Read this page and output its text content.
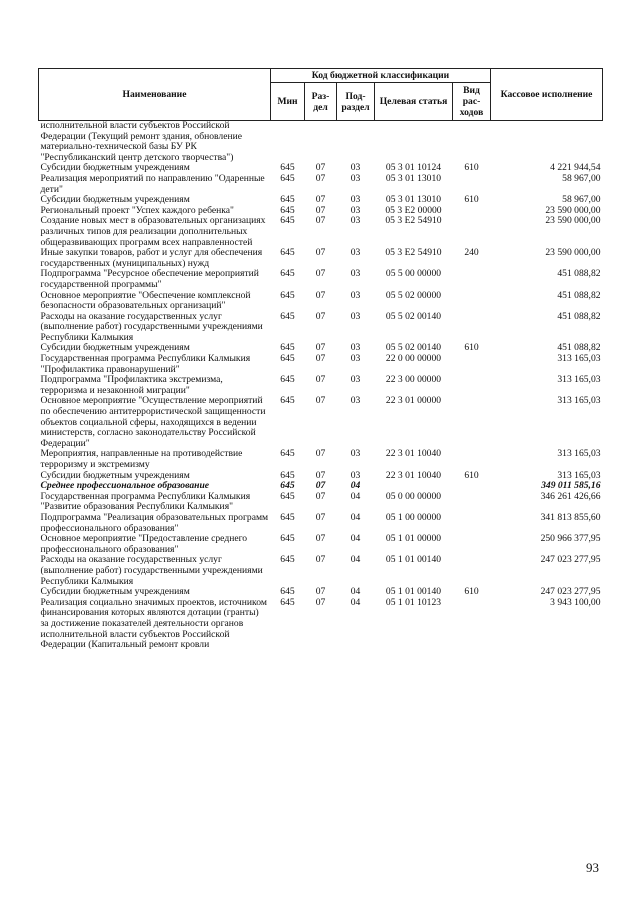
Наименование	Код бюджетной классификации					Кассовое исполнение
	Мин	Раз-дел	Под-раздел	Целевая статья	Вид рас-ходов	
исполнительной власти субъектов Российской Федерации (Текущий ремонт здания, обновление материально-технической базы БУ РК "Республиканский центр детского творчества")						
Субсидии бюджетным учреждениям	645	07	03	05 3 01 10124	610	4 221 944,54
Реализация мероприятий по направлению "Одаренные дети"	645	07	03	05 3 01 13010		58 967,00
Субсидии бюджетным учреждениям	645	07	03	05 3 01 13010	610	58 967,00
Региональный проект "Успех каждого ребенка"	645	07	03	05 3 E2 00000		23 590 000,00
Создание новых мест в образовательных организациях различных типов для реализации дополнительных общеразвивающих программ всех направленностей	645	07	03	05 3 E2 54910		23 590 000,00
Иные закупки товаров, работ и услуг для обеспечения государственных (муниципальных) нужд	645	07	03	05 3 E2 54910	240	23 590 000,00
Подпрограмма "Ресурсное обеспечение мероприятий государственной программы"	645	07	03	05 5 00 00000		451 088,82
Основное мероприятие "Обеспечение комплексной безопасности образовательных организаций"	645	07	03	05 5 02 00000		451 088,82
Расходы на оказание государственных услуг (выполнение работ) государственными учреждениями Республики Калмыкия	645	07	03	05 5 02 00140		451 088,82
Субсидии бюджетным учреждениям	645	07	03	05 5 02 00140	610	451 088,82
Государственная программа Республики Калмыкия "Профилактика правонарушений"	645	07	03	22 0 00 00000		313 165,03
Подпрограмма "Профилактика экстремизма, терроризма и незаконной миграции"	645	07	03	22 3 00 00000		313 165,03
Основное мероприятие "Осуществление мероприятий по обеспечению антитеррористической защищенности объектов социальной сферы, находящихся в ведении министерств, согласно законодательству Российской Федерации"	645	07	03	22 3 01 00000		313 165,03
Мероприятия, направленные на противодействие терроризму и экстремизму	645	07	03	22 3 01 10040		313 165,03
Субсидии бюджетным учреждениям	645	07	03	22 3 01 10040	610	313 165,03
Среднее профессиональное образование	645	07	04			349 011 585,16
Государственная программа Республики Калмыкия "Развитие образования Республики Калмыкия"	645	07	04	05 0 00 00000		346 261 426,66
Подпрограмма "Реализация образовательных программ профессионального образования"	645	07	04	05 1 00 00000		341 813 855,60
Основное мероприятие "Предоставление среднего профессионального образования"	645	07	04	05 1 01 00000		250 966 377,95
Расходы на оказание государственных услуг (выполнение работ) государственными учреждениями Республики Калмыкия	645	07	04	05 1 01 00140		247 023 277,95
Субсидии бюджетным учреждениям	645	07	04	05 1 01 00140	610	247 023 277,95
Реализация социально значимых проектов, источником финансирования которых являются дотации (гранты) за достижение показателей деятельности органов исполнительной власти субъектов Российской Федерации (Капитальный ремонт кровли	645	07	04	05 1 01 10123		3 943 100,00
93
